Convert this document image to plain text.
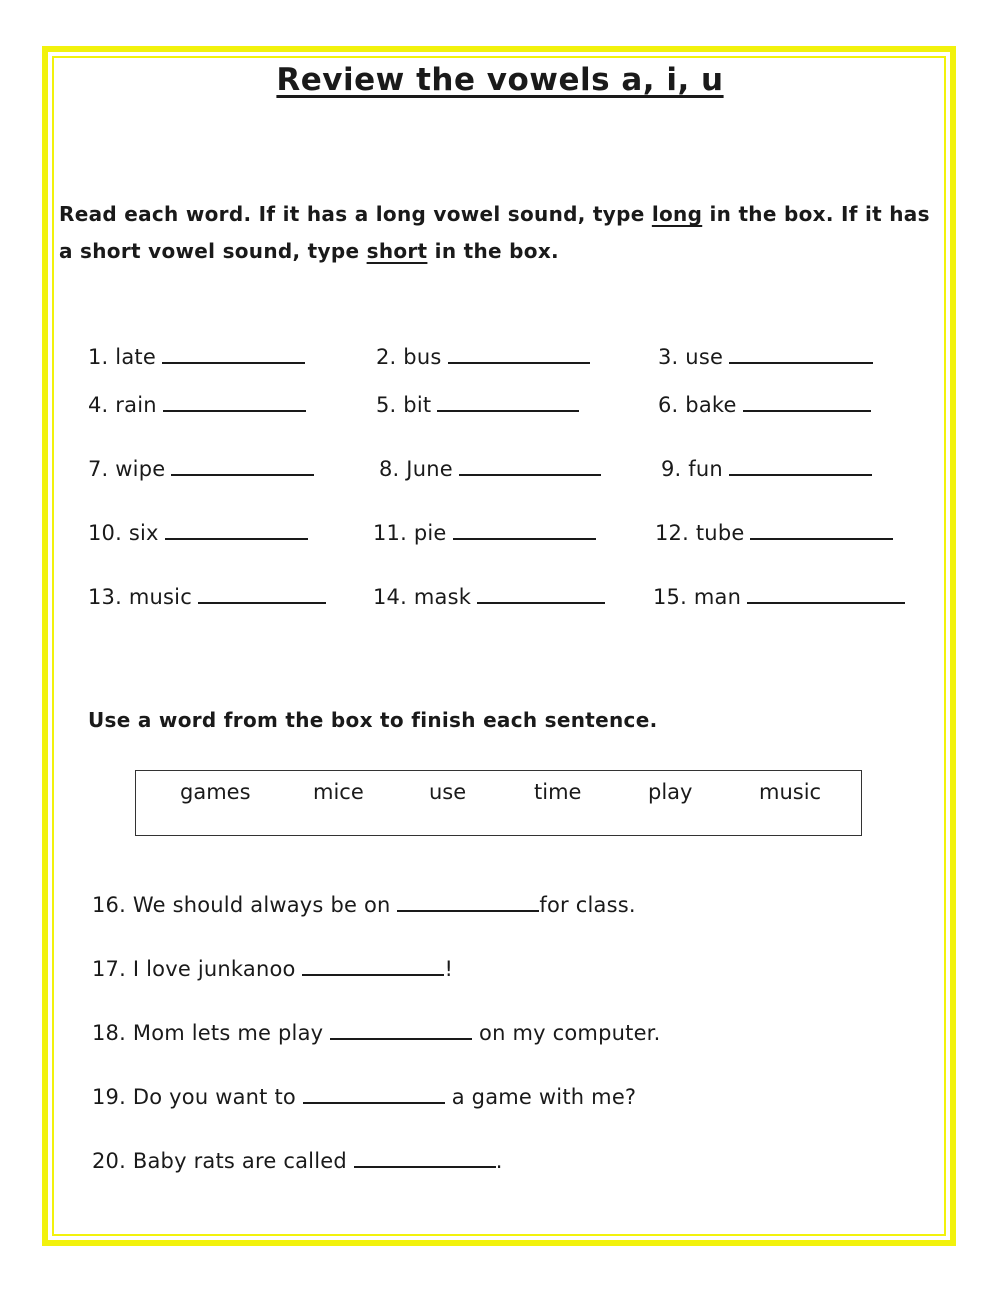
Review the vowels a, i, u
Read each word. If it has a long vowel sound, type long in the box. If it has
a short vowel sound, type short in the box.
1. late	2. bus	3. use
4. rain	5. bit	6. bake
7. wipe	8. June	9. fun
10. six	11. pie	12. tube
13. music	14. mask	15. man
Use a word from the box to finish each sentence.
games	mice	use	time	play	music
16. We should always be on	for class.
17. I love junkanoo	!
18. Mom lets me play	on my computer.
19. Do you want to	a game with me?
20. Baby rats are called	.
